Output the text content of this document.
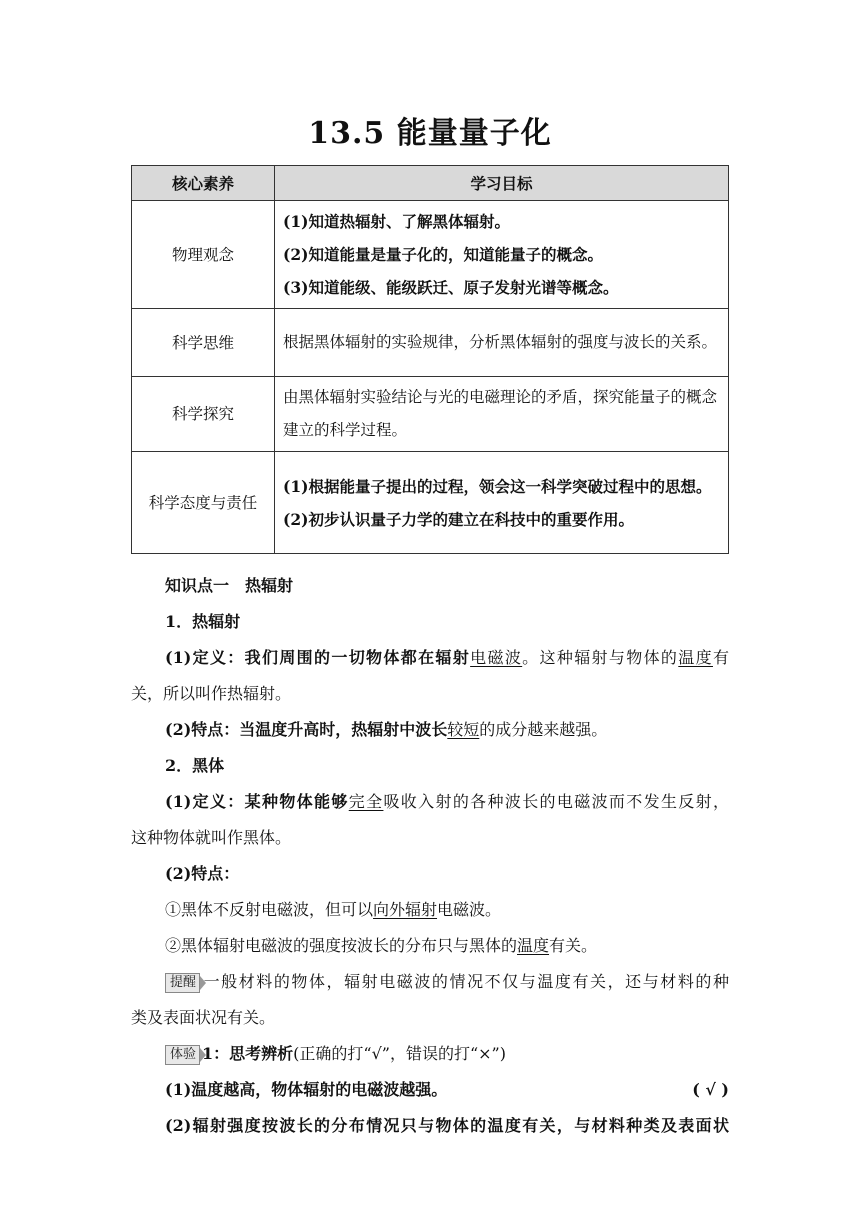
13.5 能量量子化
核心素养	学习目标
物理观念	(1)知道热辐射、了解黑体辐射。
(2)知道能量是量子化的，知道能量子的概念。
(3)知道能级、能级跃迁、原子发射光谱等概念。

科学思维	根据黑体辐射的实验规律，分析黑体辐射的强度与波长的关系。
科学探究	由黑体辐射实验结论与光的电磁理论的矛盾，探究能量子的概念建立的科学过程。
科学态度与责任	(1)根据能量子提出的过程，领会这一科学突破过程中的思想。
(2)初步认识量子力学的建立在科技中的重要作用。
知识点一　热辐射
1．热辐射
(1)定义：我们周围的一切物体都在辐射电磁波。这种辐射与物体的温度有
关，所以叫作热辐射。
(2)特点：当温度升高时，热辐射中波长较短的成分越来越强。
2．黑体
(1)定义：某种物体能够完全吸收入射的各种波长的电磁波而不发生反射，
这种物体就叫作黑体。
(2)特点：
①黑体不反射电磁波，但可以向外辐射电磁波。
②黑体辐射电磁波的强度按波长的分布只与黑体的温度有关。
提醒 一般材料的物体，辐射电磁波的情况不仅与温度有关，还与材料的种
类及表面状况有关。
体验 1：思考辨析(正确的打“√”，错误的打“×”)
(1)温度越高，物体辐射的电磁波越强。	( √ )
(2)辐射强度按波长的分布情况只与物体的温度有关，与材料种类及表面状
